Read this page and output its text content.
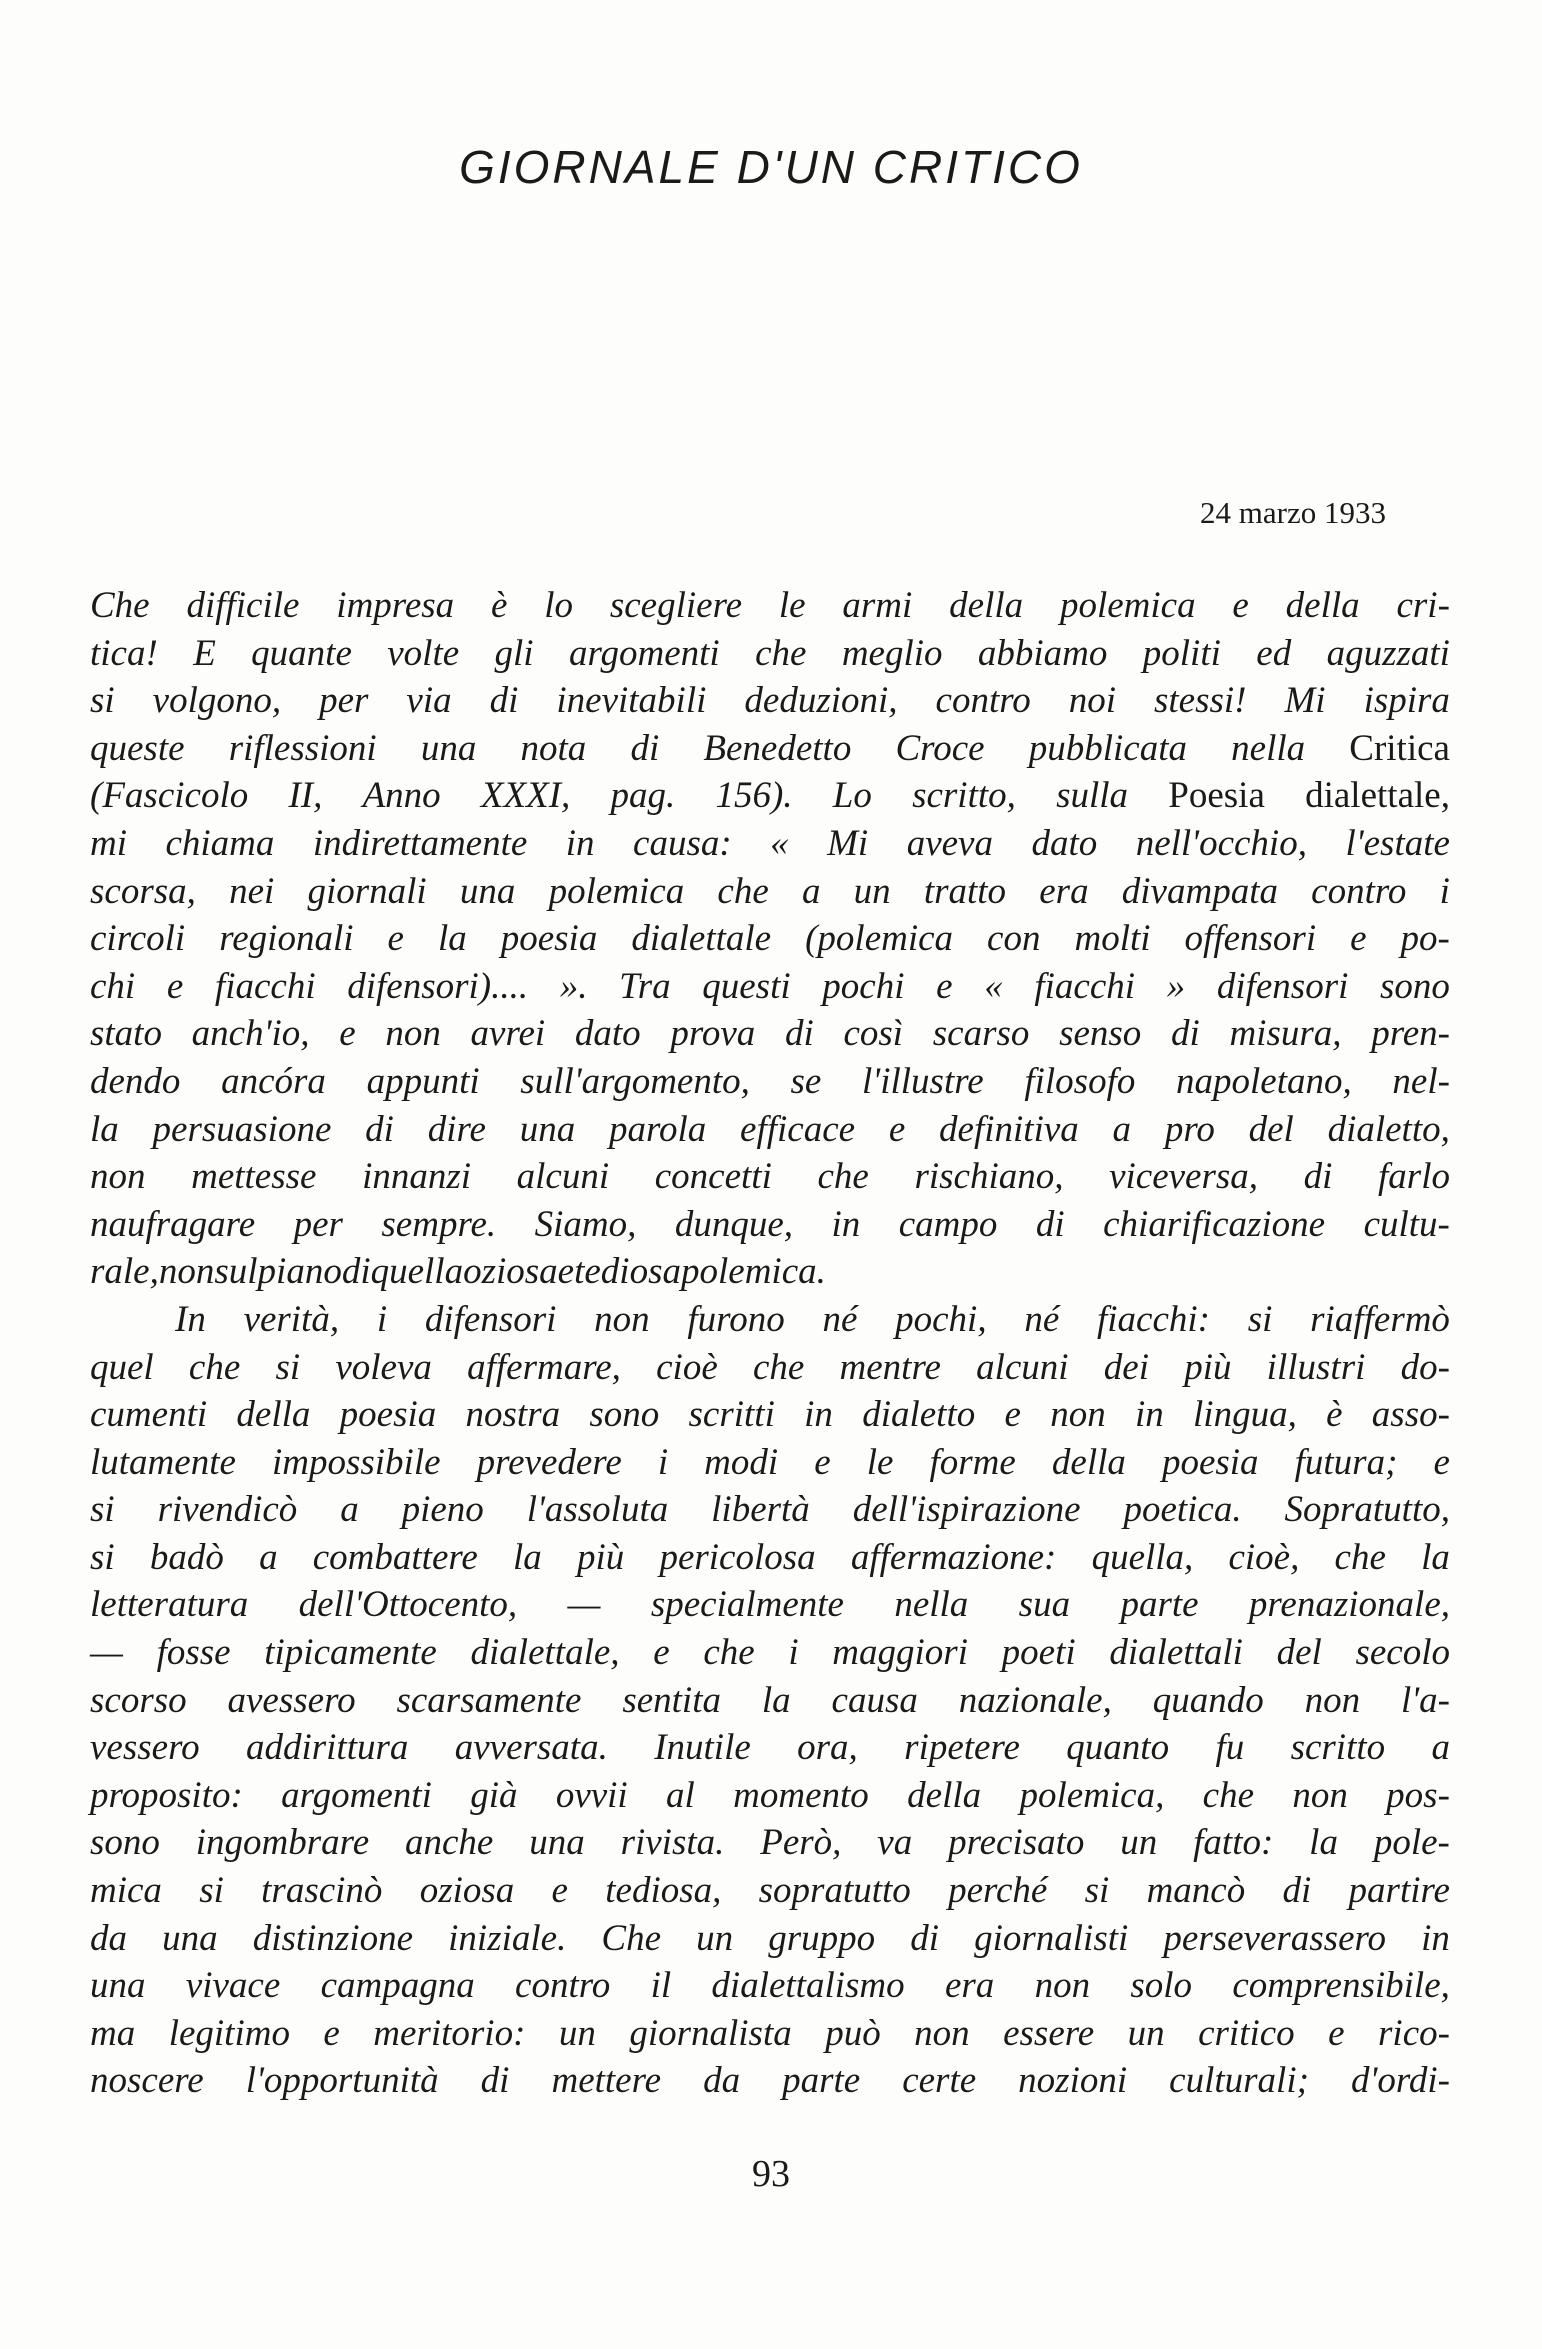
GIORNALE D'UN CRITICO
24 marzo 1933
Che difficile impresa è lo scegliere le armi della polemica e della cri-
tica! E quante volte gli argomenti che meglio abbiamo politi ed aguzzati
si volgono, per via di inevitabili deduzioni, contro noi stessi! Mi ispira
queste riflessioni una nota di Benedetto Croce pubblicata nella Critica
(Fascicolo II, Anno XXXI, pag. 156). Lo scritto, sulla Poesia dialettale,
mi chiama indirettamente in causa: « Mi aveva dato nell'occhio, l'estate
scorsa, nei giornali una polemica che a un tratto era divampata contro i
circoli regionali e la poesia dialettale (polemica con molti offensori e po-
chi e fiacchi difensori).... ». Tra questi pochi e « fiacchi » difensori sono
stato anch'io, e non avrei dato prova di così scarso senso di misura, pren-
dendo ancóra appunti sull'argomento, se l'illustre filosofo napoletano, nel-
la persuasione di dire una parola efficace e definitiva a pro del dialetto,
non mettesse innanzi alcuni concetti che rischiano, viceversa, di farlo
naufragare per sempre. Siamo, dunque, in campo di chiarificazione cultu-
rale, non sul piano di quella oziosa e tediosa polemica.
In verità, i difensori non furono né pochi, né fiacchi: si riaffermò
quel che si voleva affermare, cioè che mentre alcuni dei più illustri do-
cumenti della poesia nostra sono scritti in dialetto e non in lingua, è asso-
lutamente impossibile prevedere i modi e le forme della poesia futura; e
si rivendicò a pieno l'assoluta libertà dell'ispirazione poetica. Sopratutto,
si badò a combattere la più pericolosa affermazione: quella, cioè, che la
letteratura dell'Ottocento, — specialmente nella sua parte prenazionale,
— fosse tipicamente dialettale, e che i maggiori poeti dialettali del secolo
scorso avessero scarsamente sentita la causa nazionale, quando non l'a-
vessero addirittura avversata. Inutile ora, ripetere quanto fu scritto a
proposito: argomenti già ovvii al momento della polemica, che non pos-
sono ingombrare anche una rivista. Però, va precisato un fatto: la pole-
mica si trascinò oziosa e tediosa, sopratutto perché si mancò di partire
da una distinzione iniziale. Che un gruppo di giornalisti perseverassero in
una vivace campagna contro il dialettalismo era non solo comprensibile,
ma legitimo e meritorio: un giornalista può non essere un critico e rico-
noscere l'opportunità di mettere da parte certe nozioni culturali; d'ordi-
93
